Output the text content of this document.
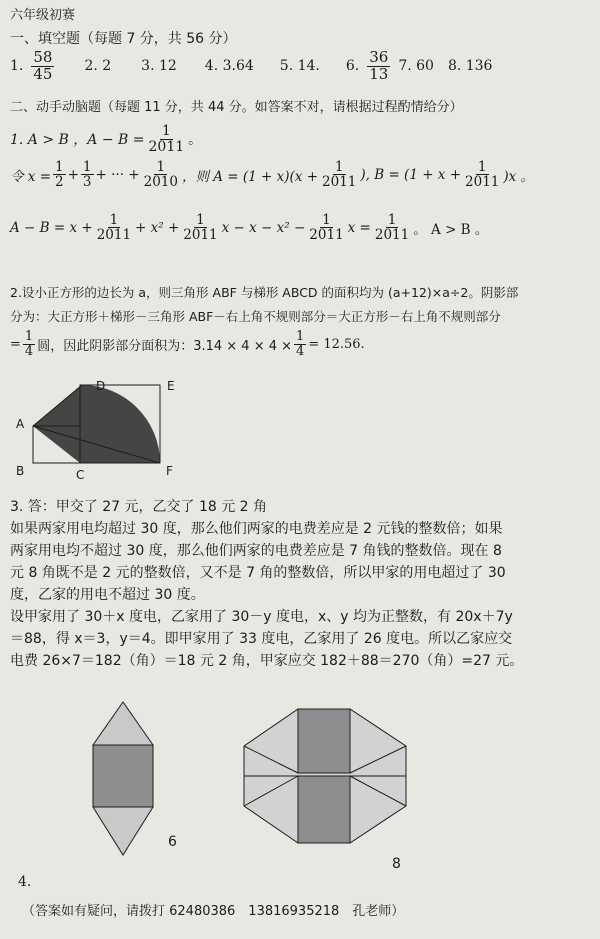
六年级初赛
一、填空题（每题 7 分，共 56 分）
1. $\frac{58}{45} 2$. 2 3. 12 4. 3.64 5. 14. 6. $\frac{36}{13} 7$. 60 8. 136
二、动手动脑题（每题 11 分，共 44 分。如答案不对，请根据过程酌情给分）
1. A > B ，$A - B = \frac{1}{2011}$ 。
令 $x = \frac{1}{2} + \frac{1}{3}$ + ··· + $\frac{1}{2010}$ ，则 $A = (1 + x)(x + \frac{1}{2011}$ ), $B = (1 + x + \frac{1}{2011} )x$ 。
$A - B = x + \frac{1}{2011} + x^2 + \frac{1}{2011}$ $x - x - x^2 - \frac{1}{2011}$ $x = \frac{1}{2011}$ 。 A > B 。
2.设小正方形的边长为 a，则三角形 ABF 与梯形 ABCD 的面积均为 (a+12)×a÷2。阴影部
分为：大正方形＋梯形－三角形 ABF－右上角不规则部分＝大正方形－右上角不规则部分
= $\frac{1}{4}$ 圆，因此阴影部分面积为：$3.14 \times 4 \times 4 \times \frac{1}{4} = 12.56$.
D	E
A
B	C	F
3. 答：甲交了 27 元，乙交了 18 元 2 角
如果两家用电均超过 30 度，那么他们两家的电费差应是 2 元钱的整数倍；如果
两家用电均不超过 30 度，那么他们两家的电费差应是 7 角钱的整数倍。现在 8
元 8 角既不是 2 元的整数倍，又不是 7 角的整数倍，所以甲家的用电超过了 30
度，乙家的用电不超过 30 度。
设甲家用了 30＋x 度电，乙家用了 30－y 度电，x、y 均为正整数，有 20x＋7y
＝88，得 x＝3，y＝4。即甲家用了 33 度电，乙家用了 26 度电。所以乙家应交
电费 26×7＝182（角）＝18 元 2 角，甲家应交 182＋88＝270（角）=27 元。
6
8
4.
（答案如有疑问，请拨打 62480386　13816935218　孔老师）
